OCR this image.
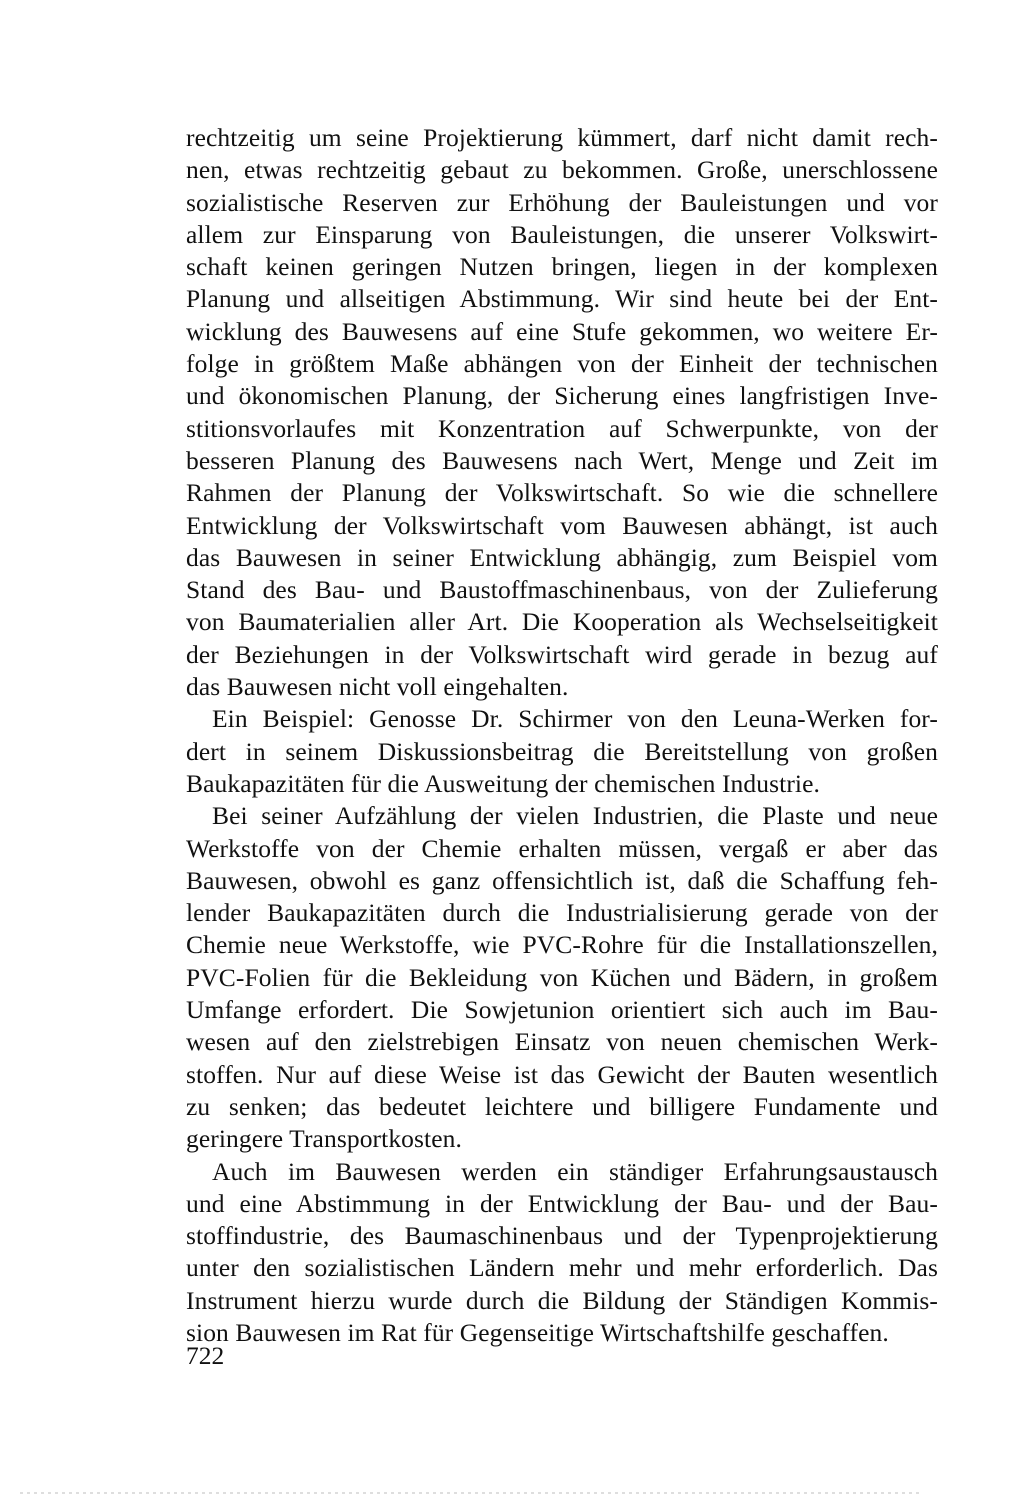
rechtzeitig um seine Projektierung kümmert, darf nicht damit rech-
nen, etwas rechtzeitig gebaut zu bekommen. Große, unerschlossene
sozialistische Reserven zur Erhöhung der Bauleistungen und vor
allem zur Einsparung von Bauleistungen, die unserer Volkswirt-
schaft keinen geringen Nutzen bringen, liegen in der komplexen
Planung und allseitigen Abstimmung. Wir sind heute bei der Ent-
wicklung des Bauwesens auf eine Stufe gekommen, wo weitere Er-
folge in größtem Maße abhängen von der Einheit der technischen
und ökonomischen Planung, der Sicherung eines langfristigen Inve-
stitionsvorlaufes mit Konzentration auf Schwerpunkte, von der
besseren Planung des Bauwesens nach Wert, Menge und Zeit im
Rahmen der Planung der Volkswirtschaft. So wie die schnellere
Entwicklung der Volkswirtschaft vom Bauwesen abhängt, ist auch
das Bauwesen in seiner Entwicklung abhängig, zum Beispiel vom
Stand des Bau- und Baustoffmaschinenbaus, von der Zulieferung
von Baumaterialien aller Art. Die Kooperation als Wechselseitigkeit
der Beziehungen in der Volkswirtschaft wird gerade in bezug auf
das Bauwesen nicht voll eingehalten.
Ein Beispiel: Genosse Dr. Schirmer von den Leuna-Werken for-
dert in seinem Diskussionsbeitrag die Bereitstellung von großen
Baukapazitäten für die Ausweitung der chemischen Industrie.
Bei seiner Aufzählung der vielen Industrien, die Plaste und neue
Werkstoffe von der Chemie erhalten müssen, vergaß er aber das
Bauwesen, obwohl es ganz offensichtlich ist, daß die Schaffung feh-
lender Baukapazitäten durch die Industrialisierung gerade von der
Chemie neue Werkstoffe, wie PVC-Rohre für die Installationszellen,
PVC-Folien für die Bekleidung von Küchen und Bädern, in großem
Umfange erfordert. Die Sowjetunion orientiert sich auch im Bau-
wesen auf den zielstrebigen Einsatz von neuen chemischen Werk-
stoffen. Nur auf diese Weise ist das Gewicht der Bauten wesentlich
zu senken; das bedeutet leichtere und billigere Fundamente und
geringere Transportkosten.
Auch im Bauwesen werden ein ständiger Erfahrungsaustausch
und eine Abstimmung in der Entwicklung der Bau- und der Bau-
stoffindustrie, des Baumaschinenbaus und der Typenprojektierung
unter den sozialistischen Ländern mehr und mehr erforderlich. Das
Instrument hierzu wurde durch die Bildung der Ständigen Kommis-
sion Bauwesen im Rat für Gegenseitige Wirtschaftshilfe geschaffen.
722
